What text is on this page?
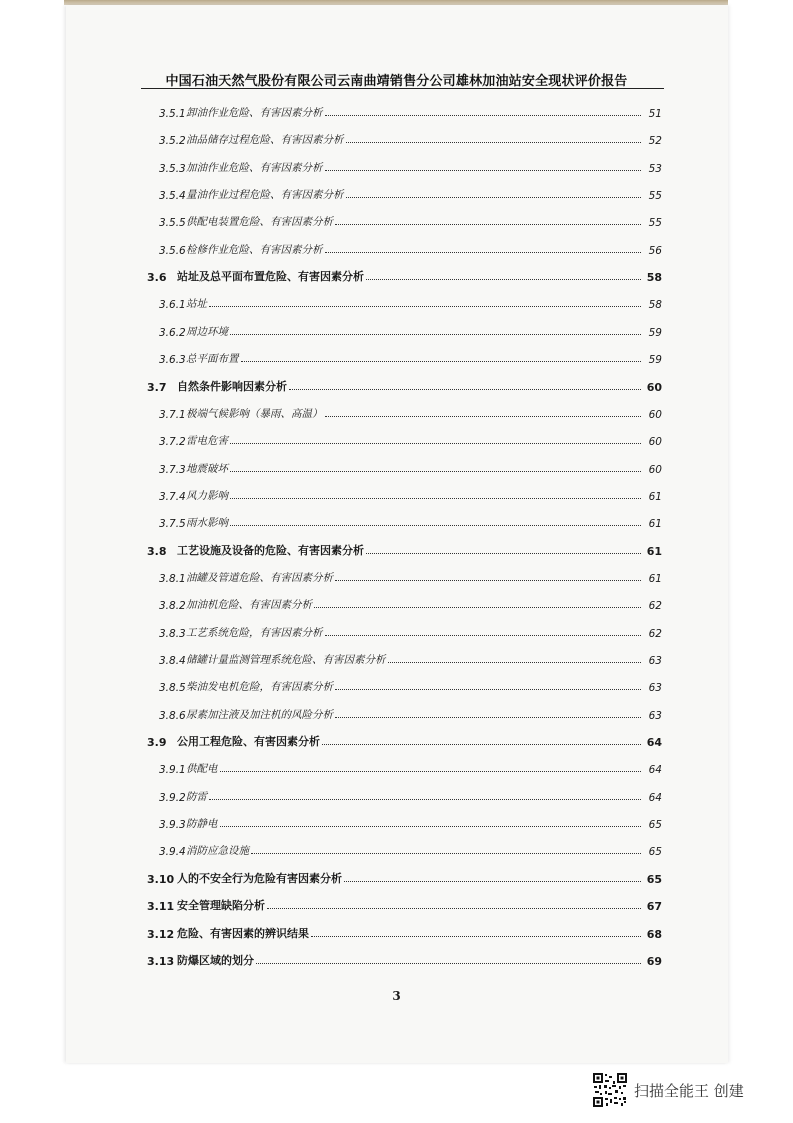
中国石油天然气股份有限公司云南曲靖销售分公司雄林加油站安全现状评价报告
3.5.1 卸油作业危险、有害因素分析	51
3.5.2 油品储存过程危险、有害因素分析	52
3.5.3 加油作业危险、有害因素分析	53
3.5.4 量油作业过程危险、有害因素分析	55
3.5.5 供配电装置危险、有害因素分析	55
3.5.6 检修作业危险、有害因素分析	56
3.6 站址及总平面布置危险、有害因素分析	58
3.6.1 站址	58
3.6.2 周边环境	59
3.6.3 总平面布置	59
3.7 自然条件影响因素分析	60
3.7.1 极端气候影响（暴雨、高温）	60
3.7.2 雷电危害	60
3.7.3 地震破坏	60
3.7.4 风力影响	61
3.7.5 雨水影响	61
3.8 工艺设施及设备的危险、有害因素分析	61
3.8.1 油罐及管道危险、有害因素分析	61
3.8.2 加油机危险、有害因素分析	62
3.8.3 工艺系统危险，有害因素分析	62
3.8.4 储罐计量监测管理系统危险、有害因素分析	63
3.8.5 柴油发电机危险，有害因素分析	63
3.8.6 尿素加注液及加注机的风险分析	63
3.9 公用工程危险、有害因素分析	64
3.9.1 供配电	64
3.9.2 防雷	64
3.9.3 防静电	65
3.9.4 消防应急设施	65
3.10 人的不安全行为危险有害因素分析	65
3.11 安全管理缺陷分析	67
3.12 危险、有害因素的辨识结果	68
3.13 防爆区域的划分	69
3
扫描全能王 创建
